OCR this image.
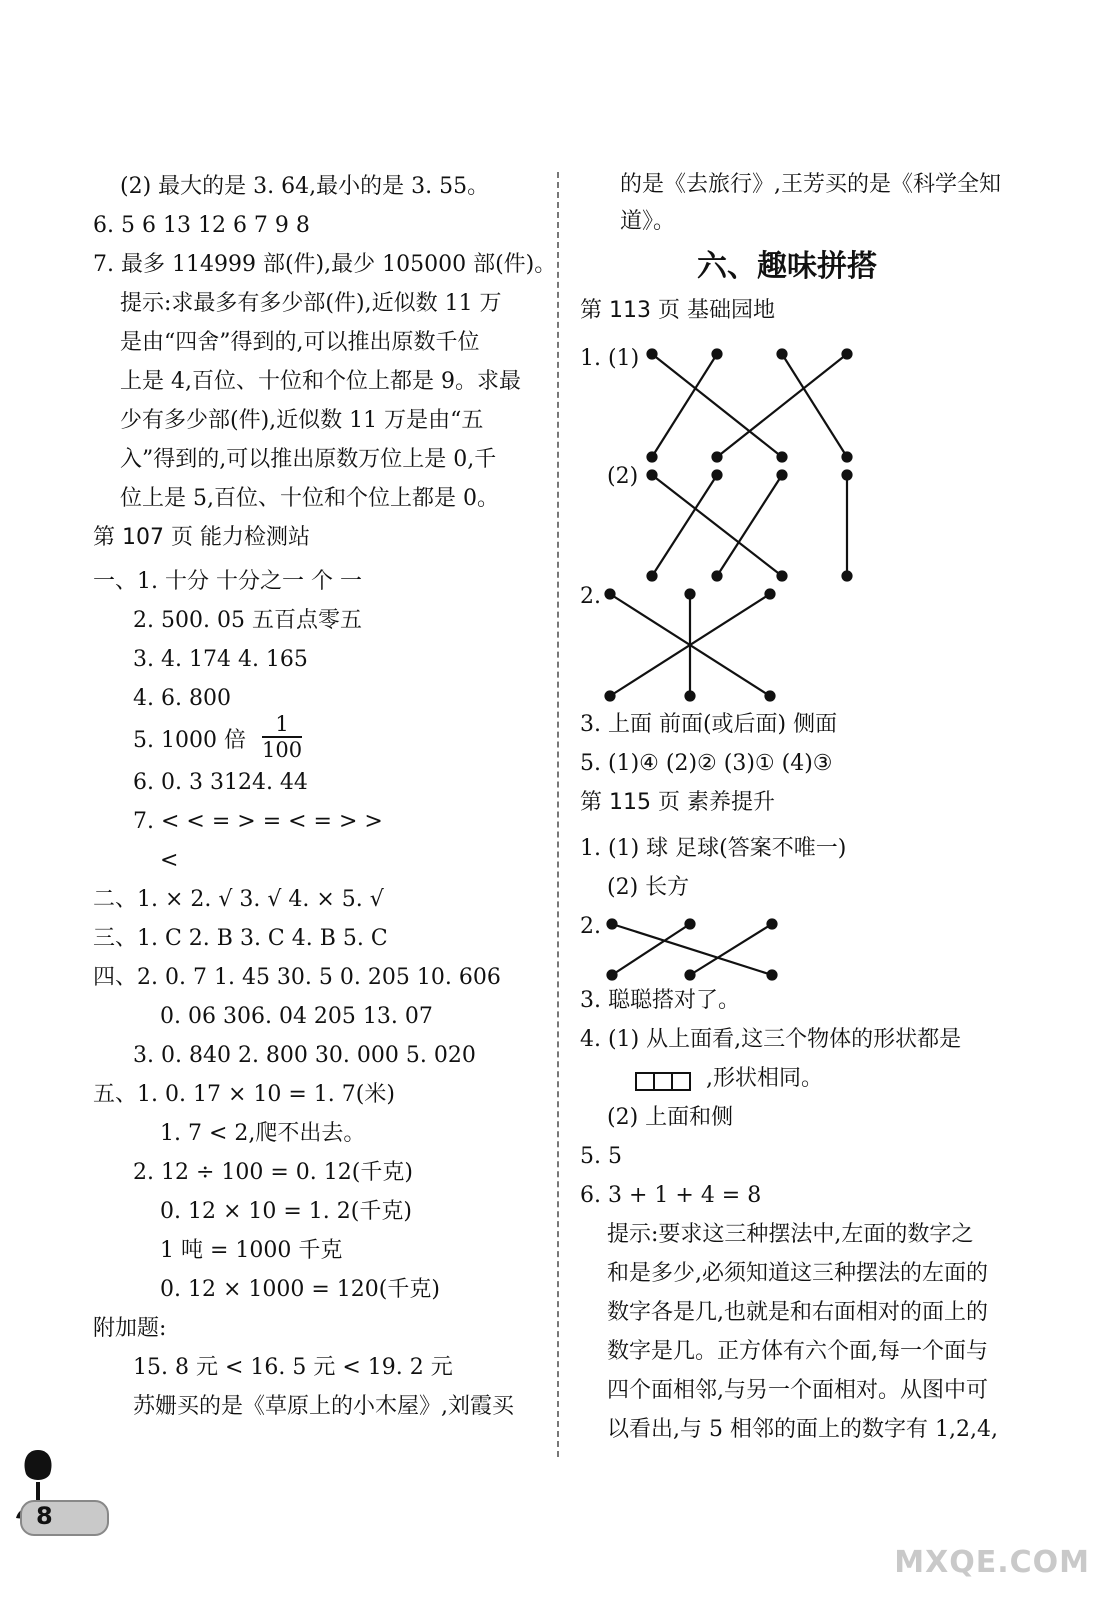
(2) 最大的是 3. 64,最小的是 3. 55。
6. 5 6 13 12 6 7 9 8
7. 最多 114999 部(件),最少 105000 部(件)。
提示:求最多有多少部(件),近似数 11 万
是由“四舍”得到的,可以推出原数千位
上是 4,百位、十位和个位上都是 9。求最
少有多少部(件),近似数 11 万是由“五
入”得到的,可以推出原数万位上是 0,千
位上是 5,百位、十位和个位上都是 0。
第 107 页 能力检测站
一、1. 十分 十分之一 个 一
2. 500. 05 五百点零五
3. 4. 174 4. 165
4. 6. 800
5. 1000 倍
6. 0. 3 3124. 44
7. < < = > = < = > >
<
二、1. × 2. √ 3. √ 4. × 5. √
三、1. C 2. B 3. C 4. B 5. C
四、2. 0. 7 1. 45 30. 5 0. 205 10. 606
0. 06 306. 04 205 13. 07
3. 0. 840 2. 800 30. 000 5. 020
五、1. 0. 17 × 10 = 1. 7(米)
1. 7 < 2,爬不出去。
2. 12 ÷ 100 = 0. 12(千克)
0. 12 × 10 = 1. 2(千克)
1 吨 = 1000 千克
0. 12 × 1000 = 120(千克)
附加题:
15. 8 元 < 16. 5 元 < 19. 2 元
苏姗买的是《草原上的小木屋》,刘霞买
的是《去旅行》,王芳买的是《科学全知
道》。
第 113 页 基础园地
1. (1)
(2)
2.
3. 上面 前面(或后面) 侧面
5. (1)④ (2)② (3)① (4)③
第 115 页 素养提升
1. (1) 球 足球(答案不唯一)
(2) 长方
2.
3. 聪聪搭对了。
4. (1) 从上面看,这三个物体的形状都是
,形状相同。
(2) 上面和侧
5. 5
6. 3 + 1 + 4 = 8
提示:要求这三种摆法中,左面的数字之
和是多少,必须知道这三种摆法的左面的
数字各是几,也就是和右面相对的面上的
数字是几。正方体有六个面,每一个面与
四个面相邻,与另一个面相对。从图中可
以看出,与 5 相邻的面上的数字有 1,2,4,
$\frac{1}{100}$
六、趣味拼搭
8
MXQE.COM
